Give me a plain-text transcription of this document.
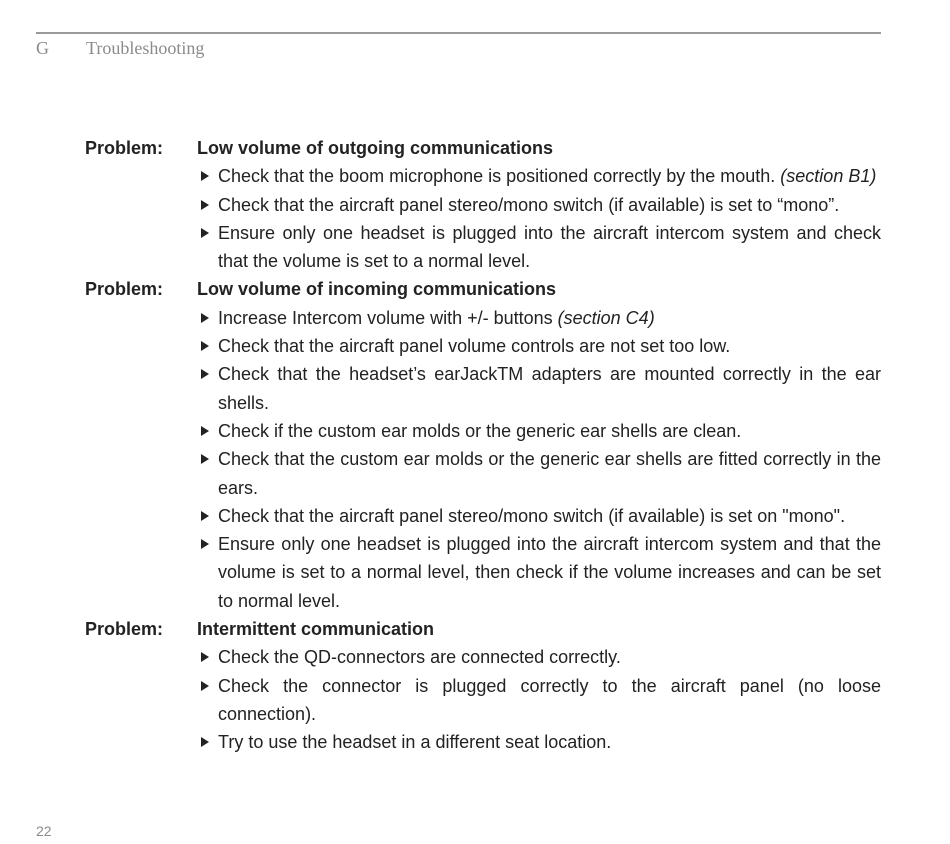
G Troubleshooting
Problem: Low volume of outgoing communications
Check that the boom microphone is positioned correctly by the mouth. (section B1)
Check that the aircraft panel stereo/mono switch (if available) is set to “mono”.
Ensure only one headset is plugged into the aircraft intercom system and check that the volume is set to a normal level.
Problem: Low volume of incoming communications
Increase Intercom volume with +/- buttons (section C4)
Check that the aircraft panel volume controls are not set too low.
Check that the headset’s earJackTM adapters are mounted correctly in the ear shells.
Check if the custom ear molds or the generic ear shells are clean.
Check that the custom ear molds or the generic ear shells are fitted correctly in the ears.
Check that the aircraft panel stereo/mono switch (if available) is set on "mono".
Ensure only one headset is plugged into the aircraft intercom system and that the volume is set to a normal level, then check if the volume increases and can be set to normal level.
Problem: Intermittent communication
Check the QD-connectors are connected correctly.
Check the connector is plugged correctly to the aircraft panel (no loose connection).
Try to use the headset in a different seat location.
22
